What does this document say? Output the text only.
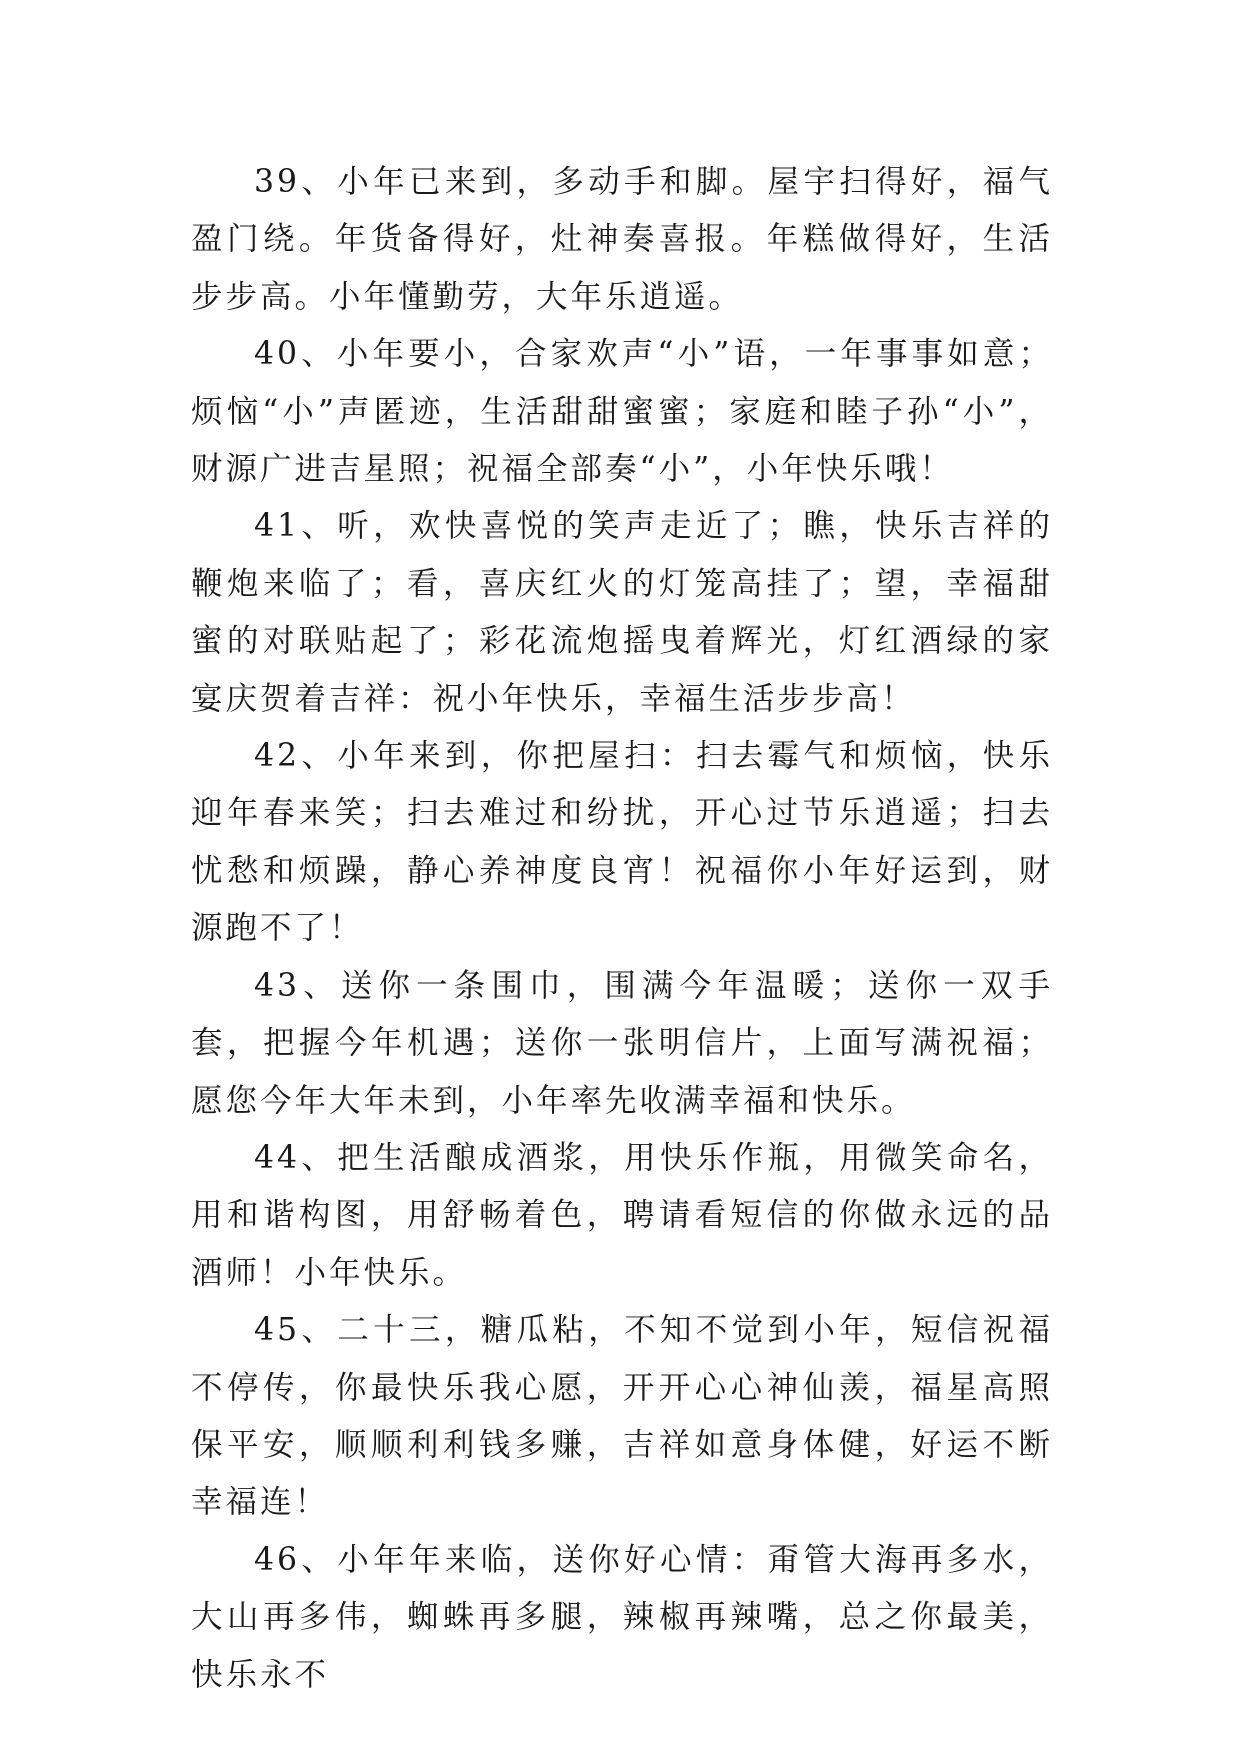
39、小年已来到，多动手和脚。屋宇扫得好，福气盈门绕。年货备得好，灶神奏喜报。年糕做得好，生活步步高。小年懂勤劳，大年乐逍遥。

40、小年要小，合家欢声“小”语，一年事事如意；烦恼“小”声匿迹，生活甜甜蜜蜜；家庭和睦子孙“小”，财源广进吉星照；祝福全部奏“小”，小年快乐哦！

41、听，欢快喜悦的笑声走近了；瞧，快乐吉祥的鞭炮来临了；看，喜庆红火的灯笼高挂了；望，幸福甜蜜的对联贴起了；彩花流炮摇曳着辉光，灯红酒绿的家宴庆贺着吉祥：祝小年快乐，幸福生活步步高！

42、小年来到，你把屋扫：扫去霉气和烦恼，快乐迎年春来笑；扫去难过和纷扰，开心过节乐逍遥；扫去忧愁和烦躁，静心养神度良宵！祝福你小年好运到，财源跑不了！

43、送你一条围巾，围满今年温暖；送你一双手套，把握今年机遇；送你一张明信片，上面写满祝福；愿您今年大年未到，小年率先收满幸福和快乐。

44、把生活酿成酒浆，用快乐作瓶，用微笑命名，用和谐构图，用舒畅着色，聘请看短信的你做永远的品酒师！小年快乐。

45、二十三，糖瓜粘，不知不觉到小年，短信祝福不停传，你最快乐我心愿，开开心心神仙羡，福星高照保平安，顺顺利利钱多赚，吉祥如意身体健，好运不断幸福连！

46、小年年来临，送你好心情：甭管大海再多水，大山再多伟，蜘蛛再多腿，辣椒再辣嘴，总之你最美，快乐永不
